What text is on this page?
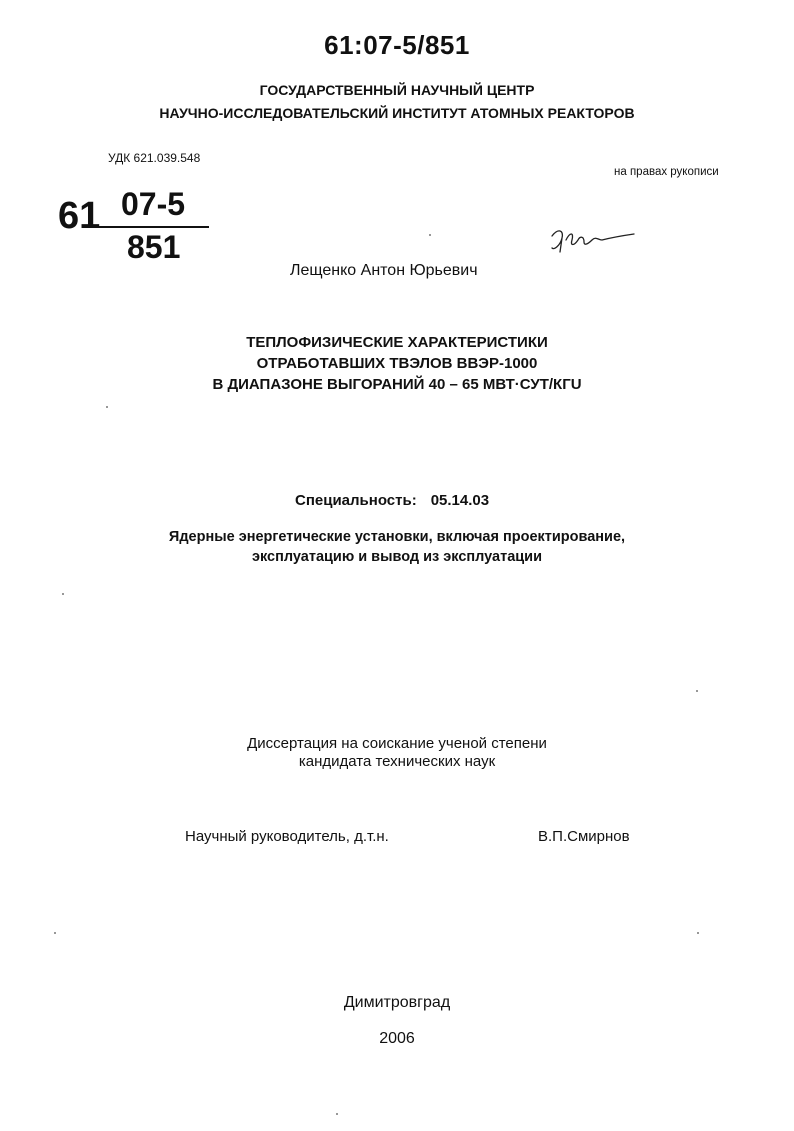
61:07-5/851
ГОСУДАРСТВЕННЫЙ НАУЧНЫЙ ЦЕНТР
НАУЧНО-ИССЛЕДОВАТЕЛЬСКИЙ ИНСТИТУТ АТОМНЫХ РЕАКТОРОВ
УДК 621.039.548
на правах рукописи
61 07-5
851
Лещенко Антон Юрьевич
ТЕПЛОФИЗИЧЕСКИЕ ХАРАКТЕРИСТИКИ
ОТРАБОТАВШИХ ТВЭЛОВ ВВЭР-1000
В ДИАПАЗОНЕ ВЫГОРАНИЙ 40 – 65 МВТ·СУТ/КГU
Специальность: 05.14.03
Ядерные энергетические установки, включая проектирование,
эксплуатацию и вывод из эксплуатации
Диссертация на соискание ученой степени
кандидата технических наук
Научный руководитель, д.т.н.	В.П.Смирнов
Димитровград
2006
